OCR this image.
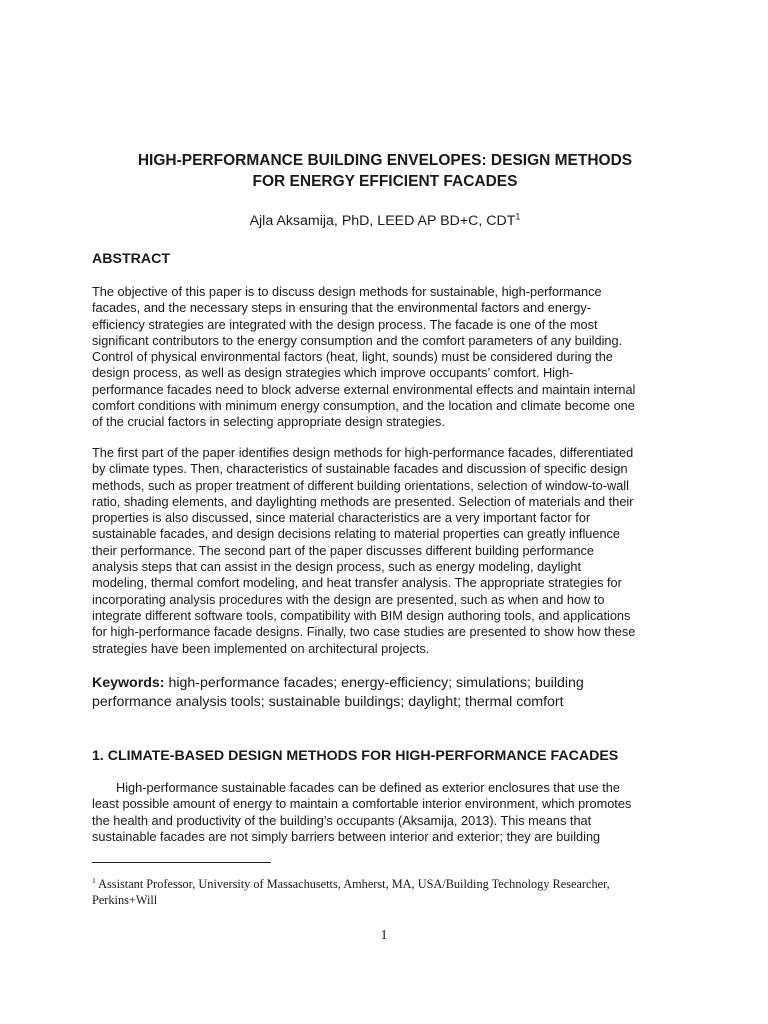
HIGH-PERFORMANCE BUILDING ENVELOPES: DESIGN METHODS
FOR ENERGY EFFICIENT FACADES
Ajla Aksamija, PhD, LEED AP BD+C, CDT$^1$
ABSTRACT
The objective of this paper is to discuss design methods for sustainable, high-performance
facades, and the necessary steps in ensuring that the environmental factors and energy-
efficiency strategies are integrated with the design process. The facade is one of the most
significant contributors to the energy consumption and the comfort parameters of any building.
Control of physical environmental factors (heat, light, sounds) must be considered during the
design process, as well as design strategies which improve occupants’ comfort. High-
performance facades need to block adverse external environmental effects and maintain internal
comfort conditions with minimum energy consumption, and the location and climate become one
of the crucial factors in selecting appropriate design strategies.
The first part of the paper identifies design methods for high-performance facades, differentiated
by climate types. Then, characteristics of sustainable facades and discussion of specific design
methods, such as proper treatment of different building orientations, selection of window-to-wall
ratio, shading elements, and daylighting methods are presented. Selection of materials and their
properties is also discussed, since material characteristics are a very important factor for
sustainable facades, and design decisions relating to material properties can greatly influence
their performance. The second part of the paper discusses different building performance
analysis steps that can assist in the design process, such as energy modeling, daylight
modeling, thermal comfort modeling, and heat transfer analysis. The appropriate strategies for
incorporating analysis procedures with the design are presented, such as when and how to
integrate different software tools, compatibility with BIM design authoring tools, and applications
for high-performance facade designs. Finally, two case studies are presented to show how these
strategies have been implemented on architectural projects.
Keywords: high-performance facades; energy-efficiency; simulations; building
performance analysis tools; sustainable buildings; daylight; thermal comfort
1. CLIMATE-BASED DESIGN METHODS FOR HIGH-PERFORMANCE FACADES
High-performance sustainable facades can be defined as exterior enclosures that use the
least possible amount of energy to maintain a comfortable interior environment, which promotes
the health and productivity of the building’s occupants (Aksamija, 2013). This means that
sustainable facades are not simply barriers between interior and exterior; they are building
$^1$ Assistant Professor, University of Massachusetts, Amherst, MA, USA/Building Technology Researcher,
Perkins+Will
1
